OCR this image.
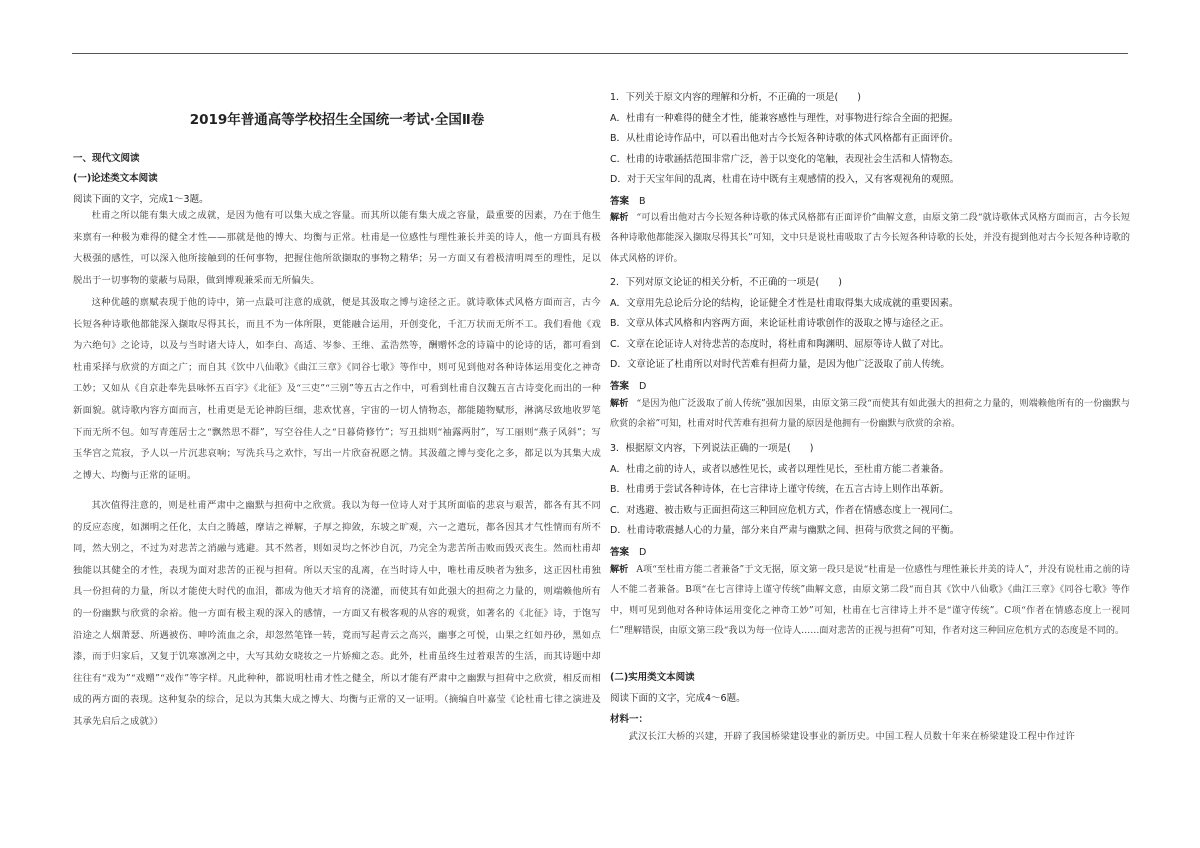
2019年普通高等学校招生全国统一考试·全国Ⅱ卷
一、现代文阅读
(一)论述类文本阅读
阅读下面的文字，完成1～3题。
杜甫之所以能有集大成之成就，是因为他有可以集大成之容量。而其所以能有集大成之容量，最重要的因素，乃在于他生来禀有一种极为难得的健全才性——那就是他的博大、均衡与正常。杜甫是一位感性与理性兼长并美的诗人，他一方面具有极大极强的感性，可以深入他所接触到的任何事物，把握住他所欲撷取的事物之精华；另一方面又有着极清明周至的理性，足以脱出于一切事物的蒙蔽与局限，做到博观兼采而无所偏失。
这种优越的禀赋表现于他的诗中，第一点最可注意的成就，便是其汲取之博与途径之正。就诗歌体式风格方面而言，古今长短各种诗歌他都能深入撷取尽得其长，而且不为一体所限，更能融合运用，开创变化，千汇万状而无所不工。我们看他《戏为六绝句》之论诗，以及与当时诸大诗人，如李白、高适、岑参、王维、孟浩然等，酬赠怀念的诗篇中的论诗的话，都可看到杜甫采择与欣赏的方面之广；而自其《饮中八仙歌》《曲江三章》《同谷七歌》等作中，则可见到他对各种诗体运用变化之神奇工妙；又如从《自京赴奉先县咏怀五百字》《北征》及“三吏”“三别”等五古之作中，可看到杜甫自汉魏五言古诗变化而出的一种新面貌。就诗歌内容方面而言，杜甫更是无论神韵巨细，悲欢忧喜，宇宙的一切人情物态，都能随物赋形，淋漓尽致地收罗笔下而无所不包。如写青莲居士之“飘然思不群”，写空谷佳人之“日暮倚修竹”；写丑拙则“袖露两肘”，写工丽则“燕子风斜”；写玉华宫之荒寂，予人以一片沉悲哀响；写洗兵马之欢忭，写出一片欣奋祝愿之情。其汲蕴之博与变化之多，都足以为其集大成之博大、均衡与正常的证明。
其次值得注意的，则是杜甫严肃中之幽默与担荷中之欣赏。我以为每一位诗人对于其所面临的悲哀与艰苦，都各有其不同的反应态度，如渊明之任化，太白之腾越，摩诘之禅解，子厚之抑敛，东坡之旷观，六一之遣玩，都各因其才气性情而有所不同，然大别之，不过为对悲苦之消融与逃避。其不然者，则如灵均之怀沙自沉，乃完全为悲苦所击败而毁灭丧生。然而杜甫却独能以其健全的才性，表现为面对悲苦的正视与担荷。所以天宝的乱离，在当时诗人中，唯杜甫反映者为独多，这正因杜甫独具一份担荷的力量，所以才能使大时代的血泪，都成为他天才培育的浇灌，而使其有如此强大的担荷之力量的，则端赖他所有的一份幽默与欣赏的余裕。他一方面有极主观的深入的感情，一方面又有极客观的从容的观赏，如著名的《北征》诗，于饱写沿途之人烟萧瑟、所遇被伤、呻吟流血之余，却忽然笔锋一转，竟而写起青云之高兴，幽事之可悦，山果之红如丹砂，黑如点漆，而于归家后，又复于饥寒凛冽之中，大写其幼女晓妆之一片娇痴之态。此外，杜甫虽终生过着艰苦的生活，而其诗题中却往往有“戏为”“戏赠”“戏作”等字样。凡此种种，都说明杜甫才性之健全，所以才能有严肃中之幽默与担荷中之欣赏，相反而相成的两方面的表现。这种复杂的综合，足以为其集大成之博大、均衡与正常的又一证明。（摘编自叶嘉莹《论杜甫七律之演进及其承先启后之成就》）
1．下列关于原文内容的理解和分析，不正确的一项是(　　)
A．杜甫有一种难得的健全才性，能兼容感性与理性，对事物进行综合全面的把握。
B．从杜甫论诗作品中，可以看出他对古今长短各种诗歌的体式风格都有正面评价。
C．杜甫的诗歌涵括范围非常广泛，善于以变化的笔触，表现社会生活和人情物态。
D．对于天宝年间的乱离，杜甫在诗中既有主观感情的投入，又有客观视角的观照。
答案 B
解析 “可以看出他对古今长短各种诗歌的体式风格都有正面评价”曲解文意，由原文第二段“就诗歌体式风格方面而言，古今长短各种诗歌他都能深入撷取尽得其长”可知，文中只是说杜甫吸取了古今长短各种诗歌的长处，并没有提到他对古今长短各种诗歌的体式风格的评价。
2．下列对原文论证的相关分析，不正确的一项是(　　)
A．文章用先总论后分论的结构，论证健全才性是杜甫取得集大成成就的重要因素。
B．文章从体式风格和内容两方面，来论证杜甫诗歌创作的汲取之博与途径之正。
C．文章在论证诗人对待悲苦的态度时，将杜甫和陶渊明、屈原等诗人做了对比。
D．文章论证了杜甫所以对时代苦难有担荷力量，是因为他广泛汲取了前人传统。
答案 D
解析 “是因为他广泛汲取了前人传统”强加因果，由原文第三段“而使其有如此强大的担荷之力量的，则端赖他所有的一份幽默与欣赏的余裕”可知，杜甫对时代苦难有担荷力量的原因是他拥有一份幽默与欣赏的余裕。
3．根据原文内容，下列说法正确的一项是(　　)
A．杜甫之前的诗人，或者以感性见长，或者以理性见长，至杜甫方能二者兼备。
B．杜甫勇于尝试各种诗体，在七言律诗上谨守传统，在五言古诗上则作出革新。
C．对逃避、被击败与正面担荷这三种回应危机方式，作者在情感态度上一视同仁。
D．杜甫诗歌震撼人心的力量，部分来自严肃与幽默之间、担荷与欣赏之间的平衡。
答案 D
解析 A项“至杜甫方能二者兼备”于文无据，原文第一段只是说“杜甫是一位感性与理性兼长并美的诗人”，并没有说杜甫之前的诗人不能二者兼备。B项“在七言律诗上谨守传统”曲解文意，由原文第二段“而自其《饮中八仙歌》《曲江三章》《同谷七歌》等作中，则可见到他对各种诗体运用变化之神奇工妙”可知，杜甫在七言律诗上并不是“谨守传统”。C项“作者在情感态度上一视同仁”理解错误，由原文第三段“我以为每一位诗人……面对悲苦的正视与担荷”可知，作者对这三种回应危机方式的态度是不同的。
(二)实用类文本阅读
阅读下面的文字，完成4～6题。
材料一：
武汉长江大桥的兴建，开辟了我国桥梁建设事业的新历史。中国工程人员数十年来在桥梁建设工程中作过许
